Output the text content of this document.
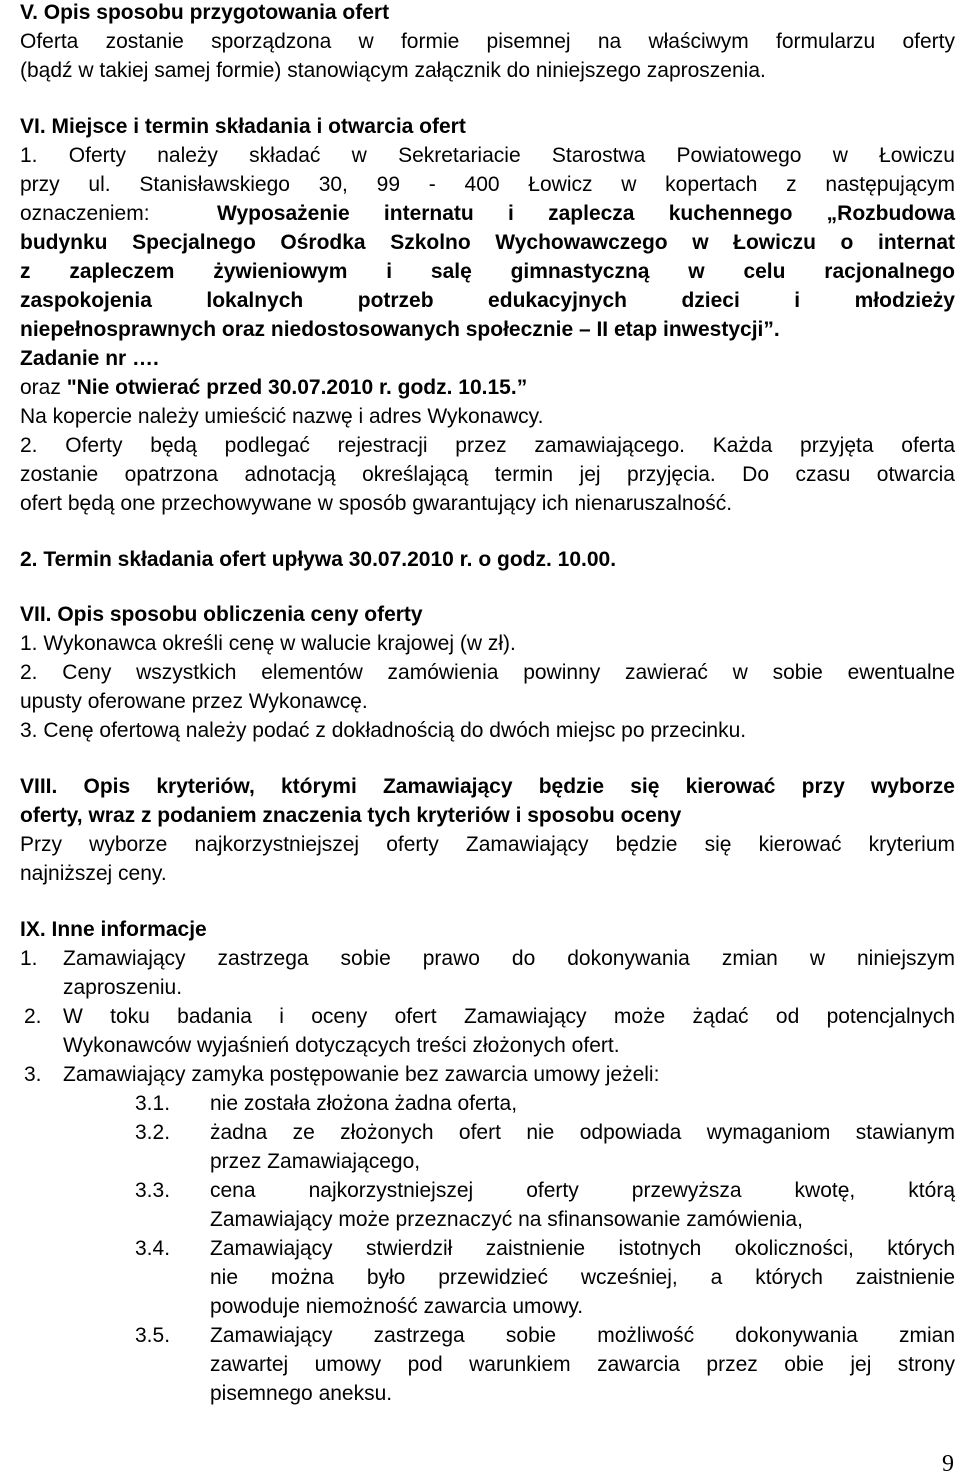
V. Opis sposobu przygotowania ofert
Oferta zostanie sporządzona w formie pisemnej na właściwym formularzu oferty
(bądź w takiej samej formie) stanowiącym załącznik do niniejszego zaproszenia.
VI. Miejsce i termin składania i otwarcia ofert
1. Oferty należy składać w Sekretariacie Starostwa Powiatowego w Łowiczu
przy ul. Stanisławskiego 30, 99 - 400 Łowicz w kopertach z następującym
oznaczeniem:	Wyposażenie internatu i zaplecza kuchennego „Rozbudowa
budynku Specjalnego Ośrodka Szkolno Wychowawczego w Łowiczu o internat
z zapleczem żywieniowym i salę gimnastyczną w celu racjonalnego
zaspokojenia lokalnych potrzeb edukacyjnych dzieci i młodzieży
niepełnosprawnych oraz niedostosowanych społecznie – II etap inwestycji”.
Zadanie nr ….
oraz "Nie otwierać przed 30.07.2010 r. godz. 10.15.”
Na kopercie należy umieścić nazwę i adres Wykonawcy.
2. Oferty będą podlegać rejestracji przez zamawiającego. Każda przyjęta oferta
zostanie opatrzona adnotacją określającą termin jej przyjęcia. Do czasu otwarcia
ofert będą one przechowywane w sposób gwarantujący ich nienaruszalność.
2. Termin składania ofert upływa 30.07.2010 r. o godz. 10.00.
VII. Opis sposobu obliczenia ceny oferty
1. Wykonawca określi cenę w walucie krajowej (w zł).
2. Ceny wszystkich elementów zamówienia powinny zawierać w sobie ewentualne
upusty oferowane przez Wykonawcę.
3. Cenę ofertową należy podać z dokładnością do dwóch miejsc po przecinku.
VIII. Opis kryteriów, którymi Zamawiający będzie się kierować przy wyborze
oferty, wraz z podaniem znaczenia tych kryteriów i sposobu oceny
Przy wyborze najkorzystniejszej oferty Zamawiający będzie się kierować kryterium
najniższej ceny.
IX. Inne informacje
1. Zamawiający zastrzega sobie prawo do dokonywania zmian w niniejszym
zaproszeniu.
2. W toku badania i oceny ofert Zamawiający może żądać od potencjalnych
Wykonawców wyjaśnień dotyczących treści złożonych ofert.
3. Zamawiający zamyka postępowanie bez zawarcia umowy jeżeli:
3.1. nie została złożona żadna oferta,
3.2. żadna ze złożonych ofert nie odpowiada wymaganiom stawianym
przez Zamawiającego,
3.3. cena najkorzystniejszej oferty przewyższa kwotę, którą
Zamawiający może przeznaczyć na sfinansowanie zamówienia,
3.4. Zamawiający stwierdził zaistnienie istotnych okoliczności, których
nie można było przewidzieć wcześniej, a których zaistnienie
powoduje niemożność zawarcia umowy.
3.5. Zamawiający zastrzega sobie możliwość dokonywania zmian
zawartej umowy pod warunkiem zawarcia przez obie jej strony
pisemnego aneksu.
9
